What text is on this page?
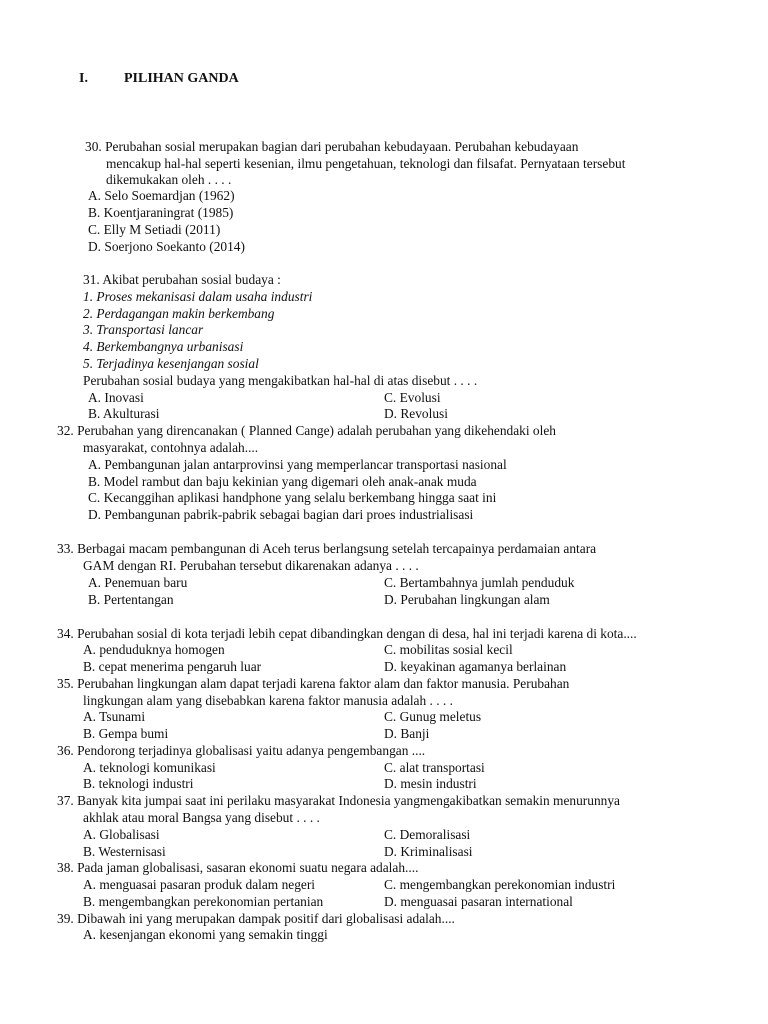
I.	PILIHAN GANDA
30. Perubahan sosial merupakan bagian dari perubahan kebudayaan. Perubahan kebudayaan
mencakup hal-hal seperti kesenian, ilmu pengetahuan, teknologi dan filsafat. Pernyataan tersebut
dikemukakan oleh . . . .
A. Selo Soemardjan (1962)
B. Koentjaraningrat (1985)
C. Elly M Setiadi (2011)
D. Soerjono Soekanto (2014)
31. Akibat perubahan sosial budaya :
1. Proses mekanisasi dalam usaha industri
2. Perdagangan makin berkembang
3. Transportasi lancar
4. Berkembangnya urbanisasi
5. Terjadinya kesenjangan sosial
Perubahan sosial budaya yang mengakibatkan hal-hal di atas disebut . . . .
A. Inovasi	C. Evolusi
B. Akulturasi	D. Revolusi
32. Perubahan yang direncanakan ( Planned Cange) adalah perubahan yang dikehendaki oleh
masyarakat, contohnya adalah....
A. Pembangunan jalan antarprovinsi yang memperlancar transportasi nasional
B. Model rambut dan baju kekinian yang digemari oleh anak-anak muda
C. Kecanggihan aplikasi handphone yang selalu berkembang hingga saat ini
D. Pembangunan pabrik-pabrik sebagai bagian dari proes industrialisasi
33. Berbagai macam pembangunan di Aceh terus berlangsung setelah tercapainya perdamaian antara
GAM dengan RI. Perubahan tersebut dikarenakan adanya . . . .
A. Penemuan baru	C. Bertambahnya jumlah penduduk
B. Pertentangan	D. Perubahan lingkungan alam
34. Perubahan sosial di kota terjadi lebih cepat dibandingkan dengan di desa, hal ini terjadi karena di kota....
A. penduduknya homogen	C. mobilitas sosial kecil
B. cepat menerima pengaruh luar	D. keyakinan agamanya berlainan
35. Perubahan lingkungan alam dapat terjadi karena faktor alam dan faktor manusia. Perubahan
lingkungan alam yang disebabkan karena faktor manusia adalah . . . .
A. Tsunami	C. Gunug meletus
B. Gempa bumi	D. Banji
36. Pendorong terjadinya globalisasi yaitu adanya pengembangan ....
A. teknologi komunikasi	C. alat transportasi
B. teknologi industri	D. mesin industri
37. Banyak kita jumpai saat ini perilaku masyarakat Indonesia yangmengakibatkan semakin menurunnya
akhlak atau moral Bangsa yang disebut . . . .
A. Globalisasi	C. Demoralisasi
B. Westernisasi	D. Kriminalisasi
38. Pada jaman globalisasi, sasaran ekonomi suatu negara adalah....
A. menguasai pasaran produk dalam negeri	C. mengembangkan perekonomian industri
B. mengembangkan perekonomian pertanian	D. menguasai pasaran international
39. Dibawah ini yang merupakan dampak positif dari globalisasi adalah....
A. kesenjangan ekonomi yang semakin tinggi
